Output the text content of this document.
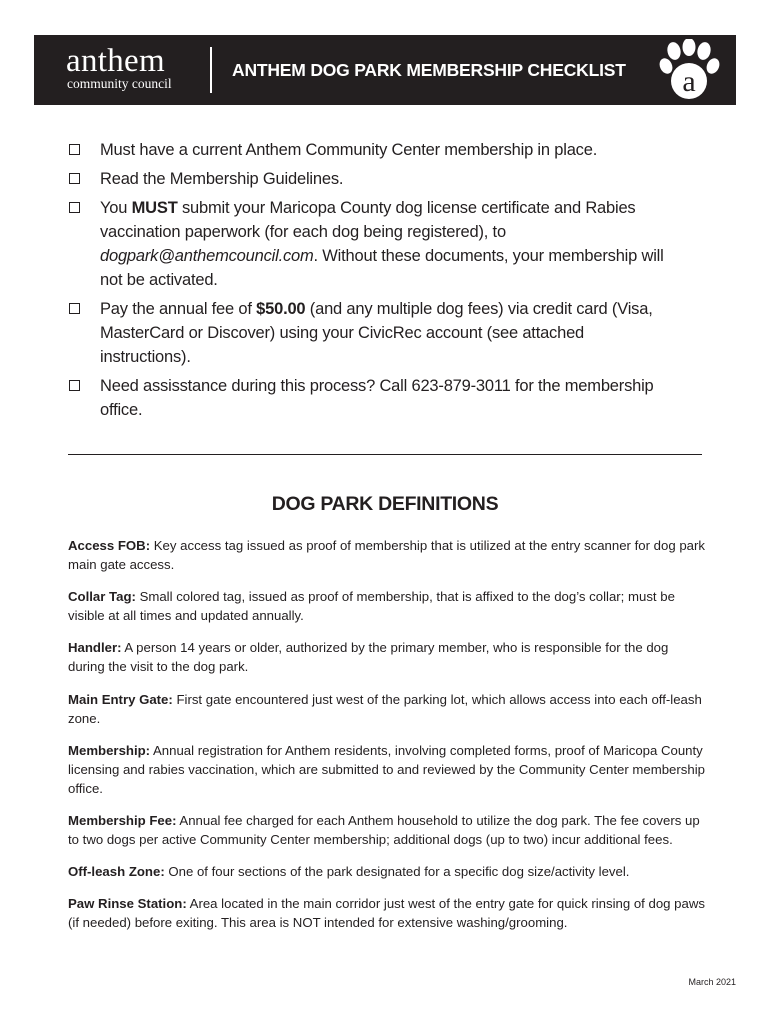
anthem
community council
ANTHEM DOG PARK MEMBERSHIP CHECKLIST a
Must have a current Anthem Community Center membership in place.
Read the Membership Guidelines.
You MUST submit your Maricopa County dog license certificate and Rabies vaccination paperwork (for each dog being registered), to dogpark@anthemcouncil.com. Without these documents, your membership will not be activated.
Pay the annual fee of $50.00 (and any multiple dog fees) via credit card (Visa, MasterCard or Discover) using your CivicRec account (see attached instructions).
Need assisstance during this process? Call 623-879-3011 for the membership office.
DOG PARK DEFINITIONS

Access FOB: Key access tag issued as proof of membership that is utilized at the entry scanner for dog park main gate access.

Collar Tag: Small colored tag, issued as proof of membership, that is affixed to the dog’s collar; must be visible at all times and updated annually.

Handler: A person 14 years or older, authorized by the primary member, who is responsible for the dog during the visit to the dog park.

Main Entry Gate: First gate encountered just west of the parking lot, which allows access into each off-leash zone.

Membership: Annual registration for Anthem residents, involving completed forms, proof of Maricopa County licensing and rabies vaccination, which are submitted to and reviewed by the Community Center membership office.

Membership Fee: Annual fee charged for each Anthem household to utilize the dog park. The fee covers up to two dogs per active Community Center membership; additional dogs (up to two) incur additional fees.

Off-leash Zone: One of four sections of the park designated for a specific dog size/activity level.

Paw Rinse Station: Area located in the main corridor just west of the entry gate for quick rinsing of dog paws (if needed) before exiting. This area is NOT intended for extensive washing/grooming.

March 2021
